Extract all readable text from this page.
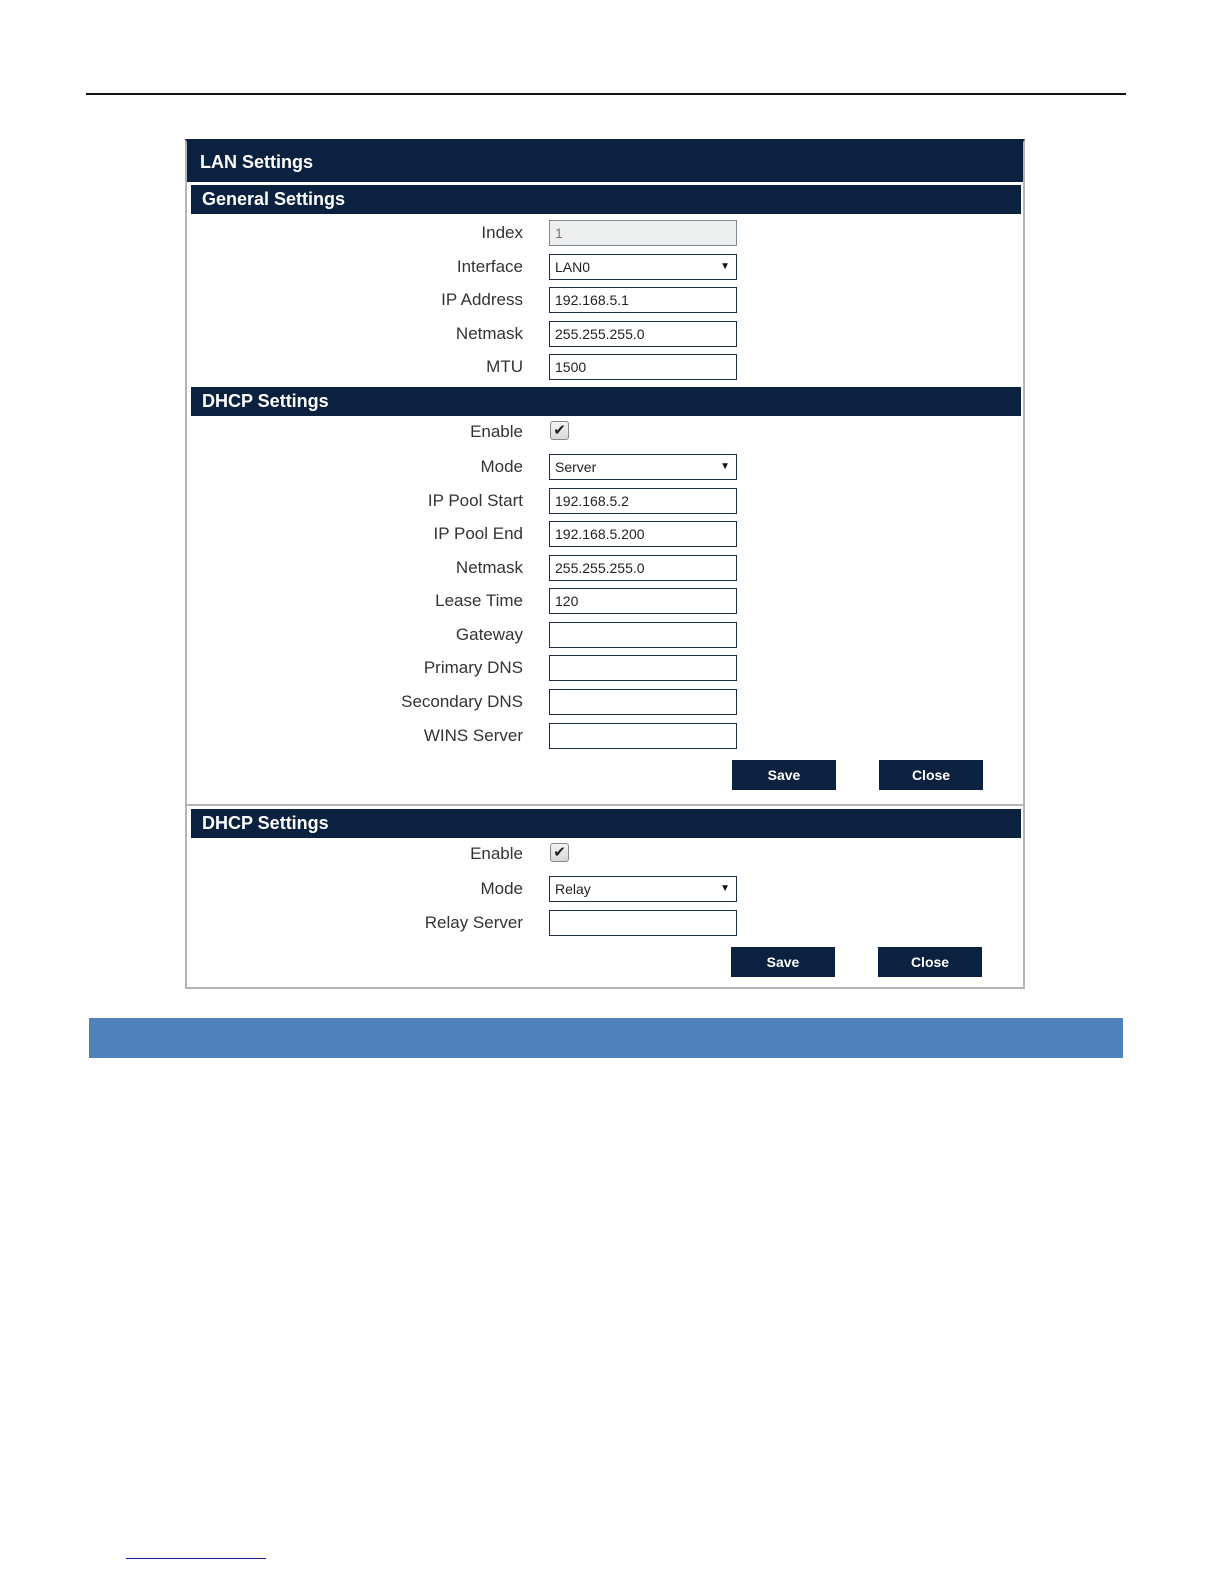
LAN Settings
General Settings
Index	1
Interface	LAN0	▼
IP Address	192.168.5.1
Netmask	255.255.255.0
MTU	1500
DHCP Settings
Enable ✔
Mode	Server	▼
IP Pool Start	192.168.5.2
IP Pool End	192.168.5.200
Netmask	255.255.255.0
Lease Time	120
Gateway
Primary DNS
Secondary DNS
WINS Server
Save	Close
DHCP Settings
Enable ✔
Mode	Relay	▼
Relay Server
Save	Close
